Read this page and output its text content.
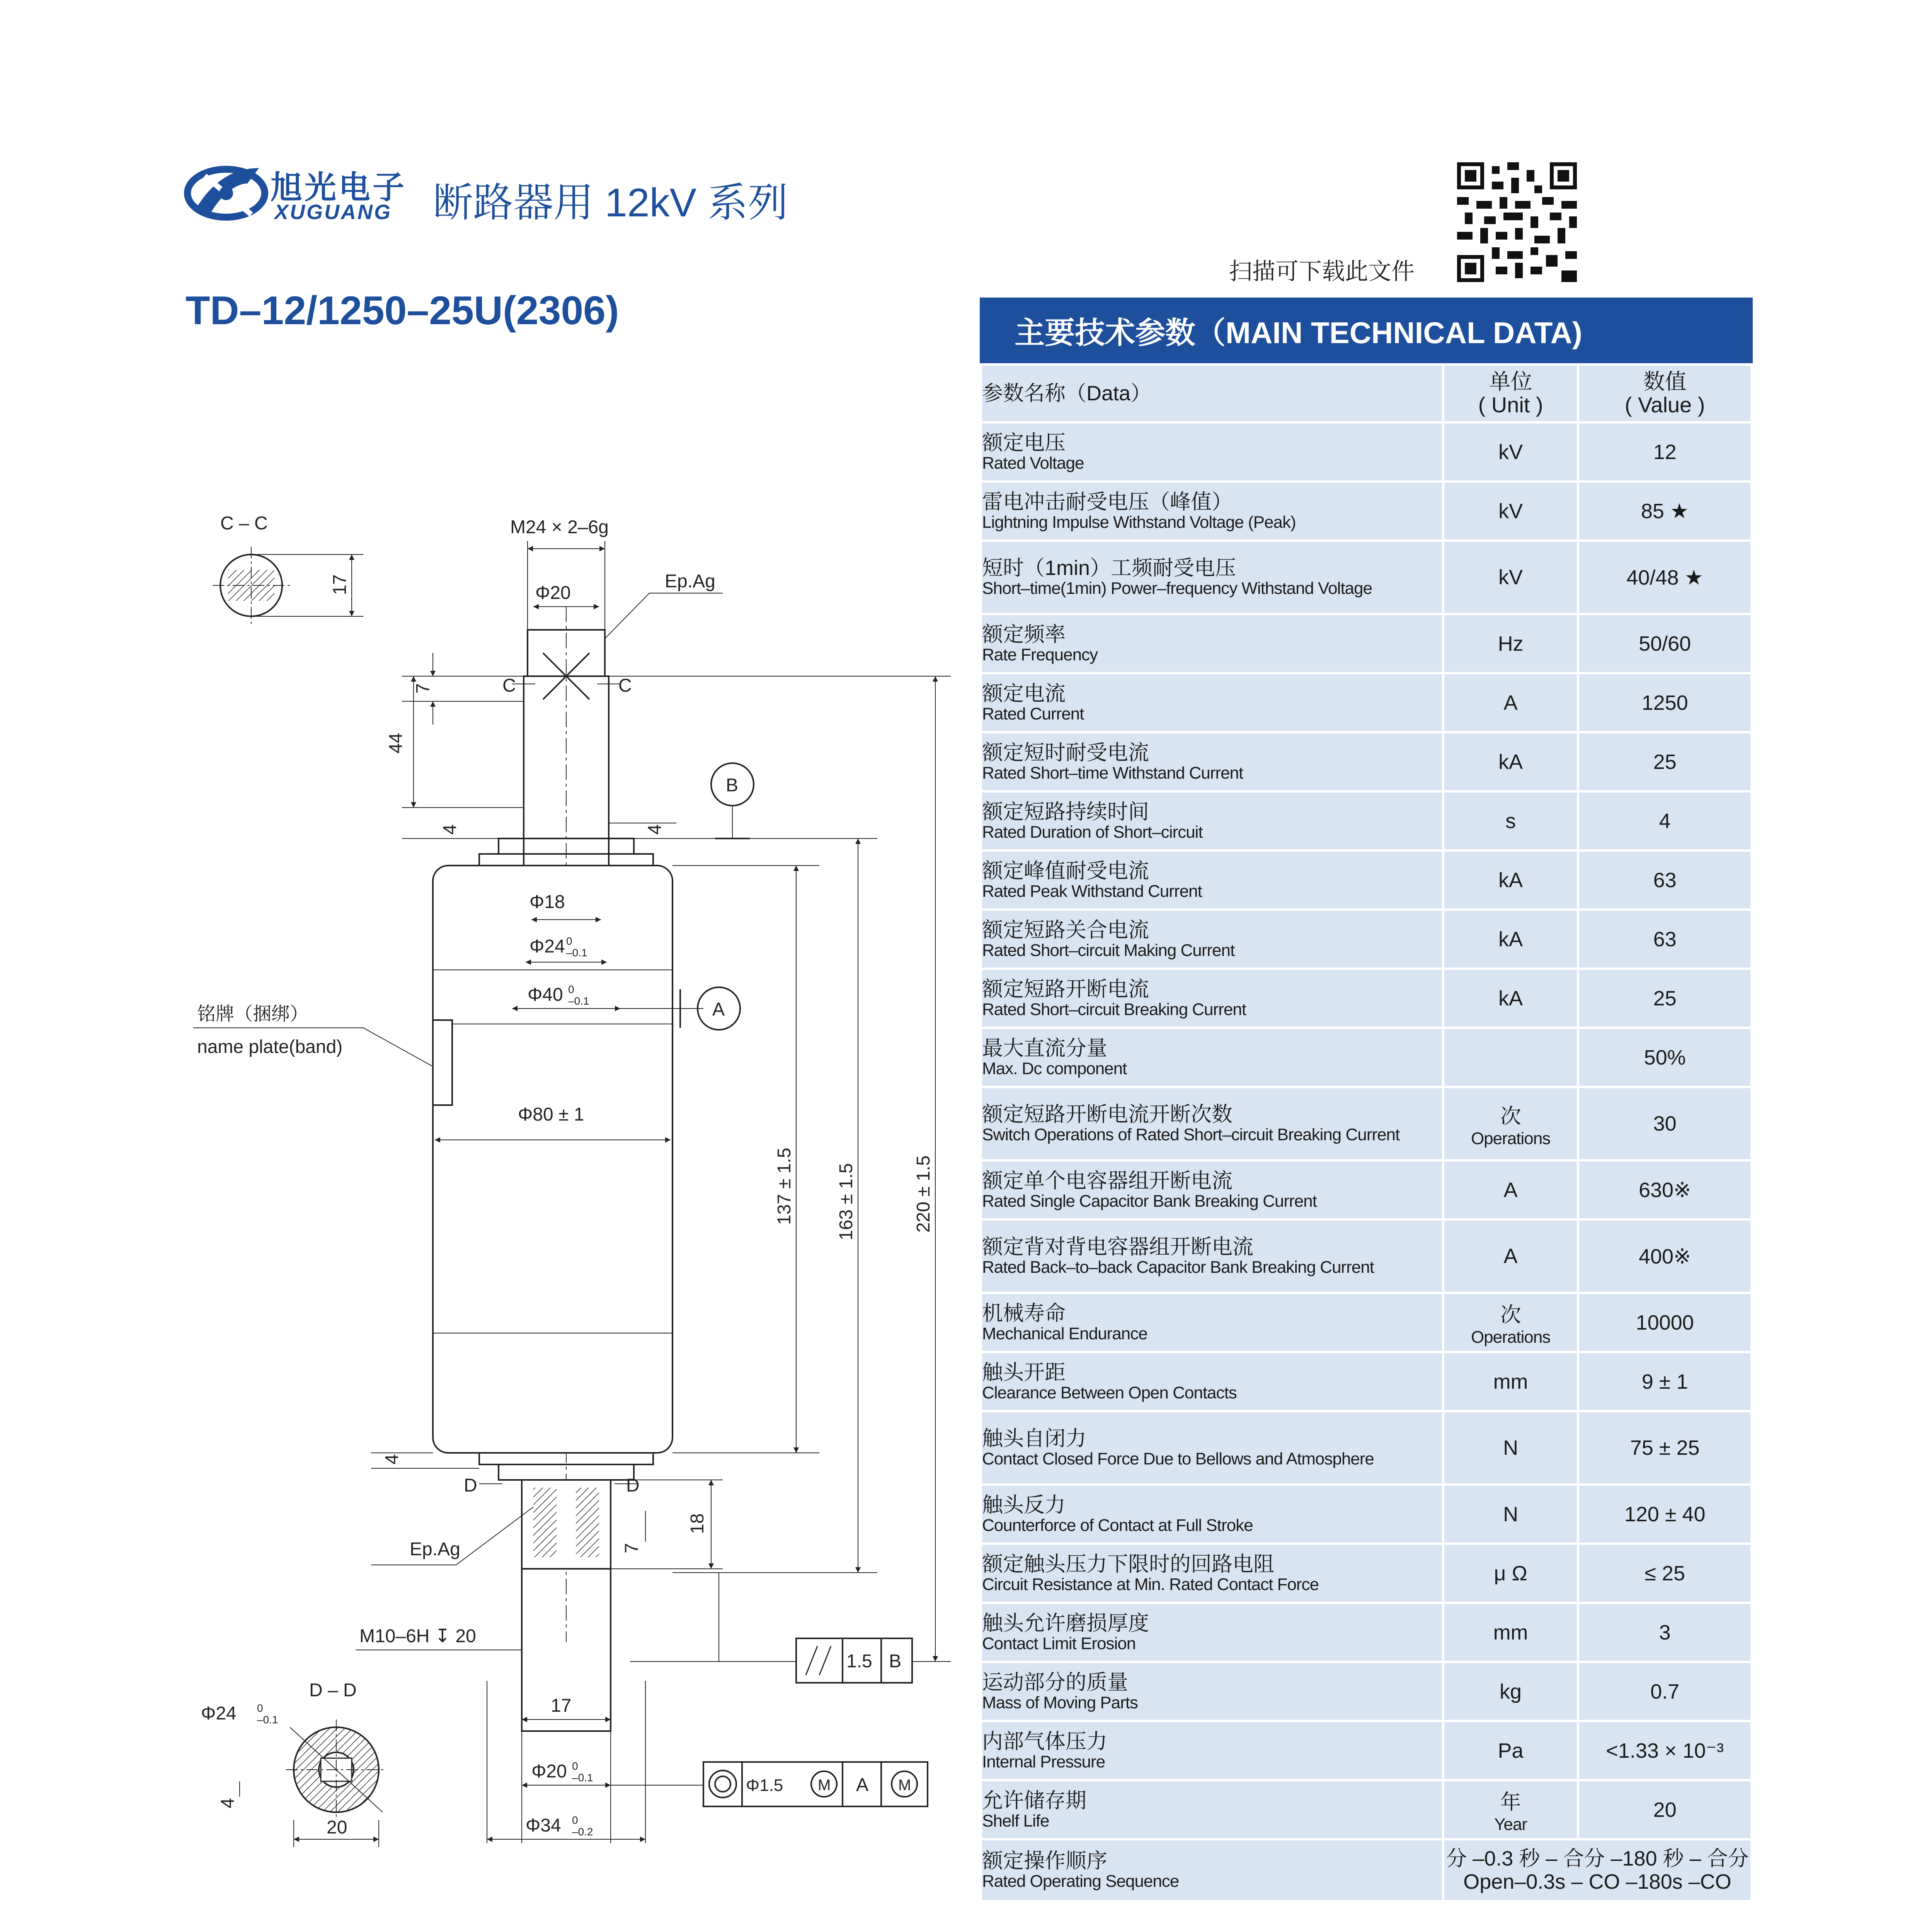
旭光电子
XUGUANG 断路器用 12kV 系列
扫描可下载此文件
TD–12/1250–25U(2306)	主要技术参数（MAIN TECHNICAL DATA)
参数名称（Data）	单位
( Unit )	数值
( Value )

额定电压
Rated Voltage	kV	12

雷电冲击耐受电压（峰值）
Lightning Impulse Withstand Voltage (Peak)	kV	85 ★

短时（1min）工频耐受电压
Short–time(1min) Power–frequency Withstand Voltage	kV	40/48 ★

额定频率
Rate Frequency	Hz	50/60

额定电流
Rated Current	A	1250

额定短时耐受电流
Rated Short–time Withstand Current	kA	25

额定短路持续时间
Rated Duration of Short–circuit	s	4

额定峰值耐受电流
Rated Peak Withstand Current	kA	63

额定短路关合电流
Rated Short–circuit Making Current	kA	63

额定短路开断电流
Rated Short–circuit Breaking Current	kA	25

最大直流分量
Max. Dc component		50%

额定短路开断电流开断次数
Switch Operations of Rated Short–circuit Breaking Current	次
Operations	30

额定单个电容器组开断电流
Rated Single Capacitor Bank Breaking Current	A	630※

额定背对背电容器组开断电流
Rated Back–to–back Capacitor Bank Breaking Current	A	400※

机械寿命
Mechanical Endurance	次
Operations	10000

触头开距
Clearance Between Open Contacts	mm	9 ± 1

触头自闭力
Contact Closed Force Due to Bellows and Atmosphere	N	75 ± 25

触头反力
Counterforce of Contact at Full Stroke	N	120 ± 40

额定触头压力下限时的回路电阻
Circuit Resistance at Min. Rated Contact Force	μ Ω	≤ 25

触头允许磨损厚度
Contact Limit Erosion	mm	3

运动部分的质量
Mass of Moving Parts	kg	0.7

内部气体压力
Internal Pressure	Pa	<1.33 × 10⁻³

允许储存期
Shelf Life	年
Year	20

额定操作顺序
Rated Operating Sequence	分 –0.3 秒 – 合分 –180 秒 – 合分
Open–0.3s – CO –180s –CO	
C – C
17
M24 × 2–6g
Φ20
Ep.Ag
C	C
7
44
4	4
B
Φ18
Φ24 0
–0.1
Φ40 0
–0.1	A
铭牌（捆绑）
name plate(band)
Φ80 ± 1
137 ± 1.5 163 ± 1.5	220 ± 1.5
4
D	D
18
7
Ep.Ag
1.5 B
M10–6H ↧ 20
D – D
Φ24 0
–0.1
20
4
17
Φ20 0
–0.1
Φ34 0
–0.2
Φ1.5 M A M
